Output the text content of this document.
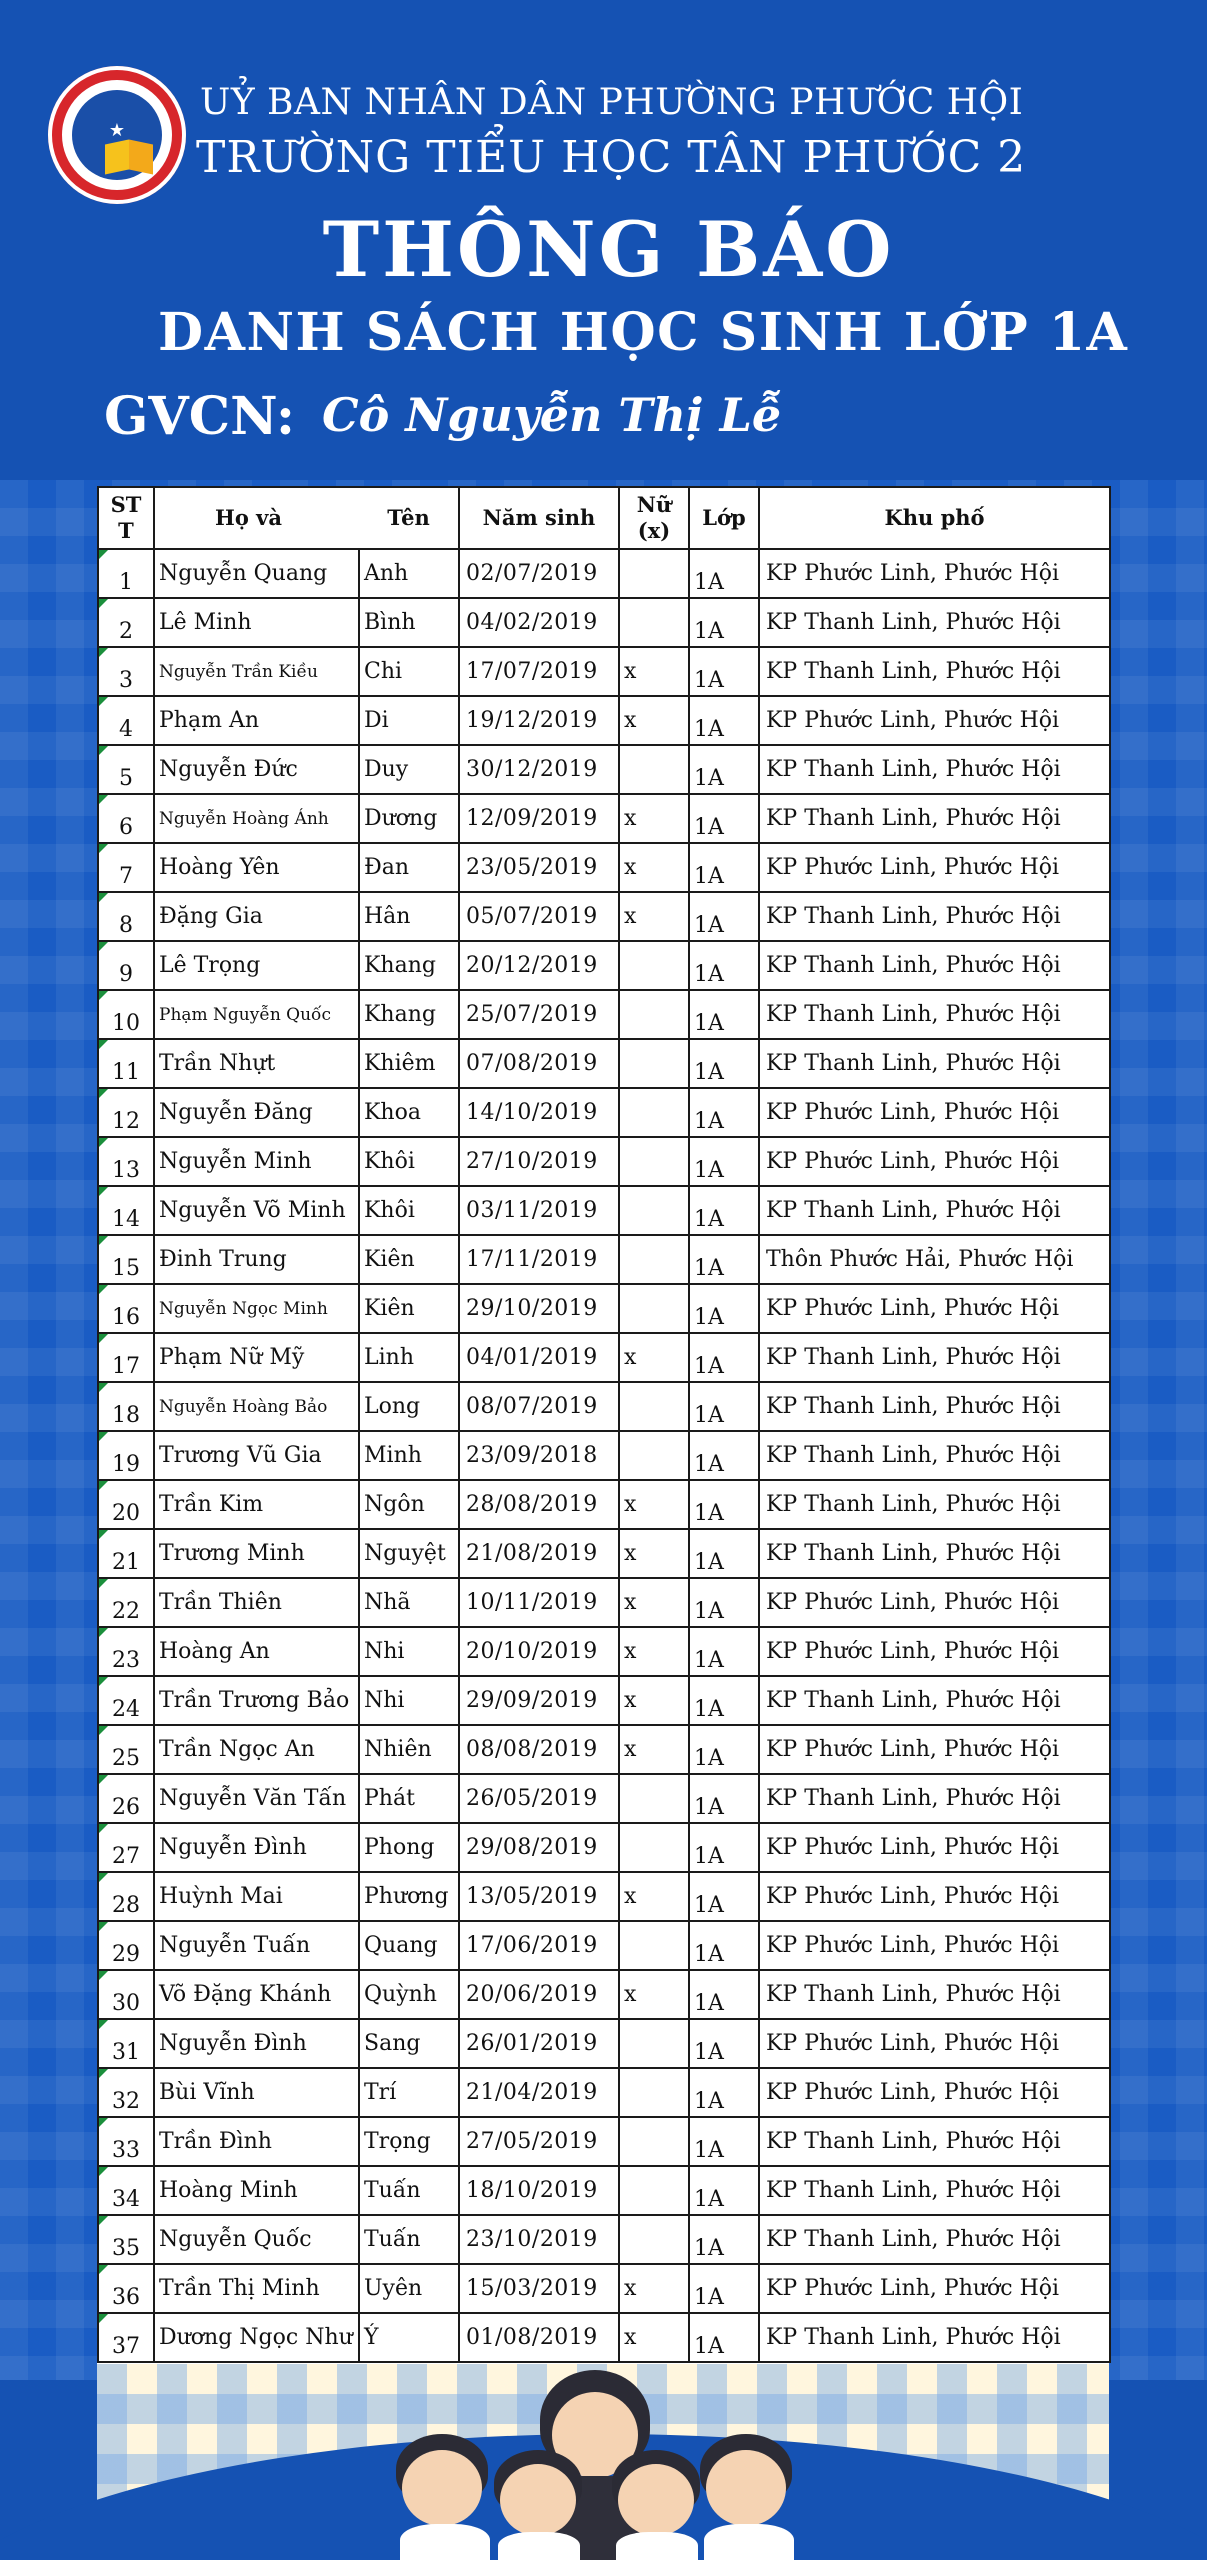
★
UỶ BAN NHÂN DÂN PHƯỜNG PHƯỚC HỘI
TRƯỜNG TIỂU HỌC TÂN PHƯỚC 2
THÔNG BÁO
DANH SÁCH HỌC SINH LỚP 1A
GVCN: Cô Nguyễn Thị Lễ
ST T	Họ và	Tên	Năm sinh	Nữ (x)	Lớp	Khu phố
1	Nguyễn Quang	Anh	02/07/2019		1A	KP Phước Linh, Phước Hội
2	Lê Minh	Bình	04/02/2019		1A	KP Thanh Linh, Phước Hội
3	Nguyễn Trần Kiều	Chi	17/07/2019	x	1A	KP Thanh Linh, Phước Hội
4	Phạm An	Di	19/12/2019	x	1A	KP Phước Linh, Phước Hội
5	Nguyễn Đức	Duy	30/12/2019		1A	KP Thanh Linh, Phước Hội
6	Nguyễn Hoàng Ánh	Dương	12/09/2019	x	1A	KP Thanh Linh, Phước Hội
7	Hoàng Yên	Đan	23/05/2019	x	1A	KP Phước Linh, Phước Hội
8	Đặng Gia	Hân	05/07/2019	x	1A	KP Thanh Linh, Phước Hội
9	Lê Trọng	Khang	20/12/2019		1A	KP Thanh Linh, Phước Hội
10	Phạm Nguyễn Quốc	Khang	25/07/2019		1A	KP Thanh Linh, Phước Hội
11	Trần Nhựt	Khiêm	07/08/2019		1A	KP Thanh Linh, Phước Hội
12	Nguyễn Đăng	Khoa	14/10/2019		1A	KP Phước Linh, Phước Hội
13	Nguyễn Minh	Khôi	27/10/2019		1A	KP Phước Linh, Phước Hội
14	Nguyễn Võ Minh	Khôi	03/11/2019		1A	KP Thanh Linh, Phước Hội
15	Đinh Trung	Kiên	17/11/2019		1A	Thôn Phước Hải, Phước Hội
16	Nguyễn Ngọc Minh	Kiên	29/10/2019		1A	KP Phước Linh, Phước Hội
17	Phạm Nữ Mỹ	Linh	04/01/2019	x	1A	KP Thanh Linh, Phước Hội
18	Nguyễn Hoàng Bảo	Long	08/07/2019		1A	KP Thanh Linh, Phước Hội
19	Trương Vũ Gia	Minh	23/09/2018		1A	KP Thanh Linh, Phước Hội
20	Trần Kim	Ngôn	28/08/2019	x	1A	KP Thanh Linh, Phước Hội
21	Trương Minh	Nguyệt	21/08/2019	x	1A	KP Thanh Linh, Phước Hội
22	Trần Thiên	Nhã	10/11/2019	x	1A	KP Phước Linh, Phước Hội
23	Hoàng An	Nhi	20/10/2019	x	1A	KP Phước Linh, Phước Hội
24	Trần Trương Bảo	Nhi	29/09/2019	x	1A	KP Thanh Linh, Phước Hội
25	Trần Ngọc An	Nhiên	08/08/2019	x	1A	KP Phước Linh, Phước Hội
26	Nguyễn Văn Tấn	Phát	26/05/2019		1A	KP Thanh Linh, Phước Hội
27	Nguyễn Đình	Phong	29/08/2019		1A	KP Phước Linh, Phước Hội
28	Huỳnh Mai	Phương	13/05/2019	x	1A	KP Phước Linh, Phước Hội
29	Nguyễn Tuấn	Quang	17/06/2019		1A	KP Phước Linh, Phước Hội
30	Võ Đặng Khánh	Quỳnh	20/06/2019	x	1A	KP Thanh Linh, Phước Hội
31	Nguyễn Đình	Sang	26/01/2019		1A	KP Phước Linh, Phước Hội
32	Bùi Vĩnh	Trí	21/04/2019		1A	KP Phước Linh, Phước Hội
33	Trần Đình	Trọng	27/05/2019		1A	KP Thanh Linh, Phước Hội
34	Hoàng Minh	Tuấn	18/10/2019		1A	KP Thanh Linh, Phước Hội
35	Nguyễn Quốc	Tuấn	23/10/2019		1A	KP Thanh Linh, Phước Hội
36	Trần Thị Minh	Uyên	15/03/2019	x	1A	KP Phước Linh, Phước Hội
37	Dương Ngọc Như	Ý	01/08/2019	x	1A	KP Thanh Linh, Phước Hội
